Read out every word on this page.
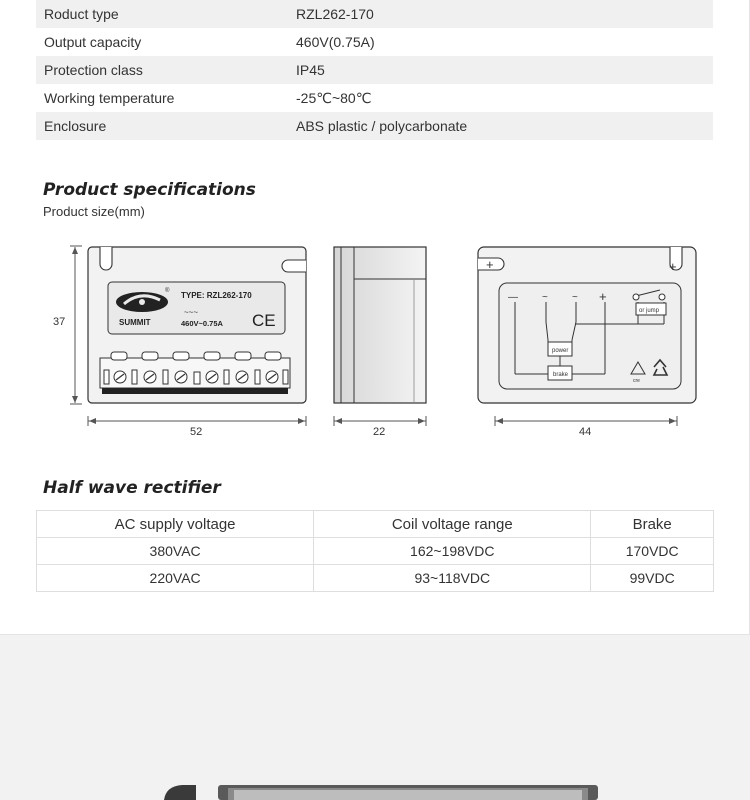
Roduct type	RZL262-170
Output capacity	460V(0.75A)
Protection class	IP45
Working temperature	-25℃~80℃
Enclosure	ABS plastic / polycarbonate
Product specifications
Product size(mm)
37
®
SUMMIT
TYPE: RZL262-170
~~~
460V~0.75A CE
52	22
+	+
— ~ ~ +
power
brake
or jump
cre
44
Half wave rectifier
AC supply voltage	Coil voltage range	Brake
380VAC	162~198VDC	170VDC
220VAC	93~118VDC	99VDC
